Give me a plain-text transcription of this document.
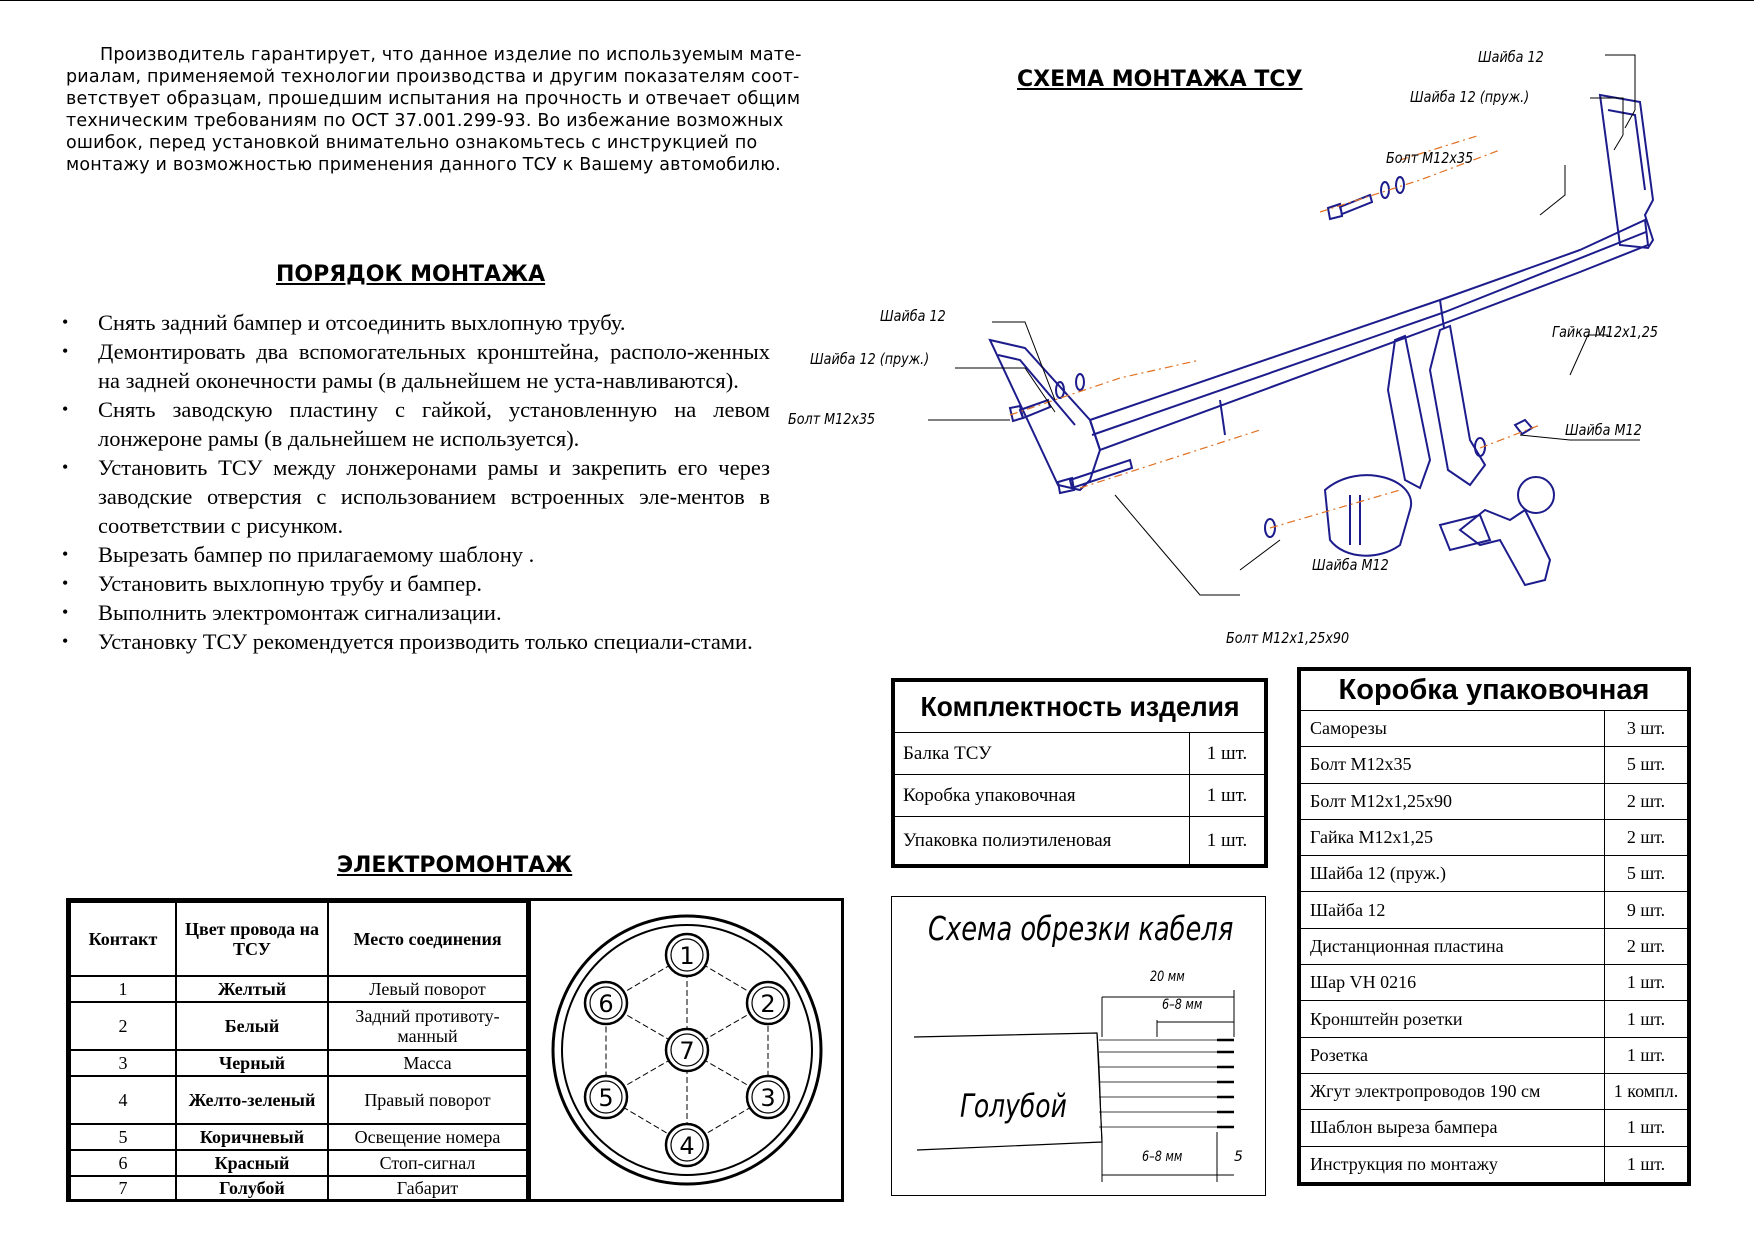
Производитель гарантирует, что данное изделие по используемым мате-
риалам, применяемой технологии производства и другим показателям соот-
ветствует образцам, прошедшим испытания на прочность и отвечает общим
техническим требованиям по ОСТ 37.001.299-93. Во избежание возможных
ошибок, перед установкой внимательно ознакомьтесь с инструкцией по
монтажу и возможностью применения данного ТСУ к Вашему автомобилю.
ПОРЯДОК МОНТАЖА
• Снять задний бампер и отсоединить выхлопную трубу.
• Демонтировать два вспомогательных кронштейна, располо-женных на задней оконечности рамы (в дальнейшем не уста-навливаются).
• Снять заводскую пластину с гайкой, установленную на левом лонжероне рамы (в дальнейшем не используется).
• Установить ТСУ между лонжеронами рамы и закрепить его через заводские отверстия с использованием встроенных эле-ментов в соответствии с рисунком.
• Вырезать бампер по прилагаемому шаблону .
• Установить выхлопную трубу и бампер.
• Выполнить электромонтаж сигнализации.
• Установку ТСУ рекомендуется производить только специали-стами.
СХЕМА МОНТАЖА ТСУ
Шайба 12
Шайба 12 (пруж.)
Болт М12х35
Шайба 12
Шайба 12 (пруж.)
Болт М12х35
Гайка М12х1,25
Шайба М12
Шайба М12
Болт М12х1,25х90
ЭЛЕКТРОМОНТАЖ
Контакт	Цвет провода на ТСУ	Место соединения
1	Желтый	Левый поворот
2	Белый	Задний противоту-манный
3	Черный	Масса
4	Желто-зеленый	Правый поворот
5	Коричневый	Освещение номера
6	Красный	Стоп-сигнал
7	Голубой	Габарит
1
2
3
4
5
6
7
Комплектность изделия	
Балка ТСУ	1 шт.
Коробка упаковочная	1 шт.
Упаковка полиэтиленовая	1 шт.
Коробка упаковочная	
Саморезы	3 шт.
Болт М12х35	5 шт.
Болт М12х1,25х90	2 шт.
Гайка М12х1,25	2 шт.
Шайба 12 (пруж.)	5 шт.
Шайба 12	9 шт.
Дистанционная пластина	2 шт.
Шар VH 0216	1 шт.
Кронштейн розетки	1 шт.
Розетка	1 шт.
Жгут электропроводов 190 см	1 компл.
Шаблон выреза бампера	1 шт.
Инструкция по монтажу	1 шт.
Схема обрезки кабеля
20 мм
6–8 мм
6–8 мм	5
Голубой
